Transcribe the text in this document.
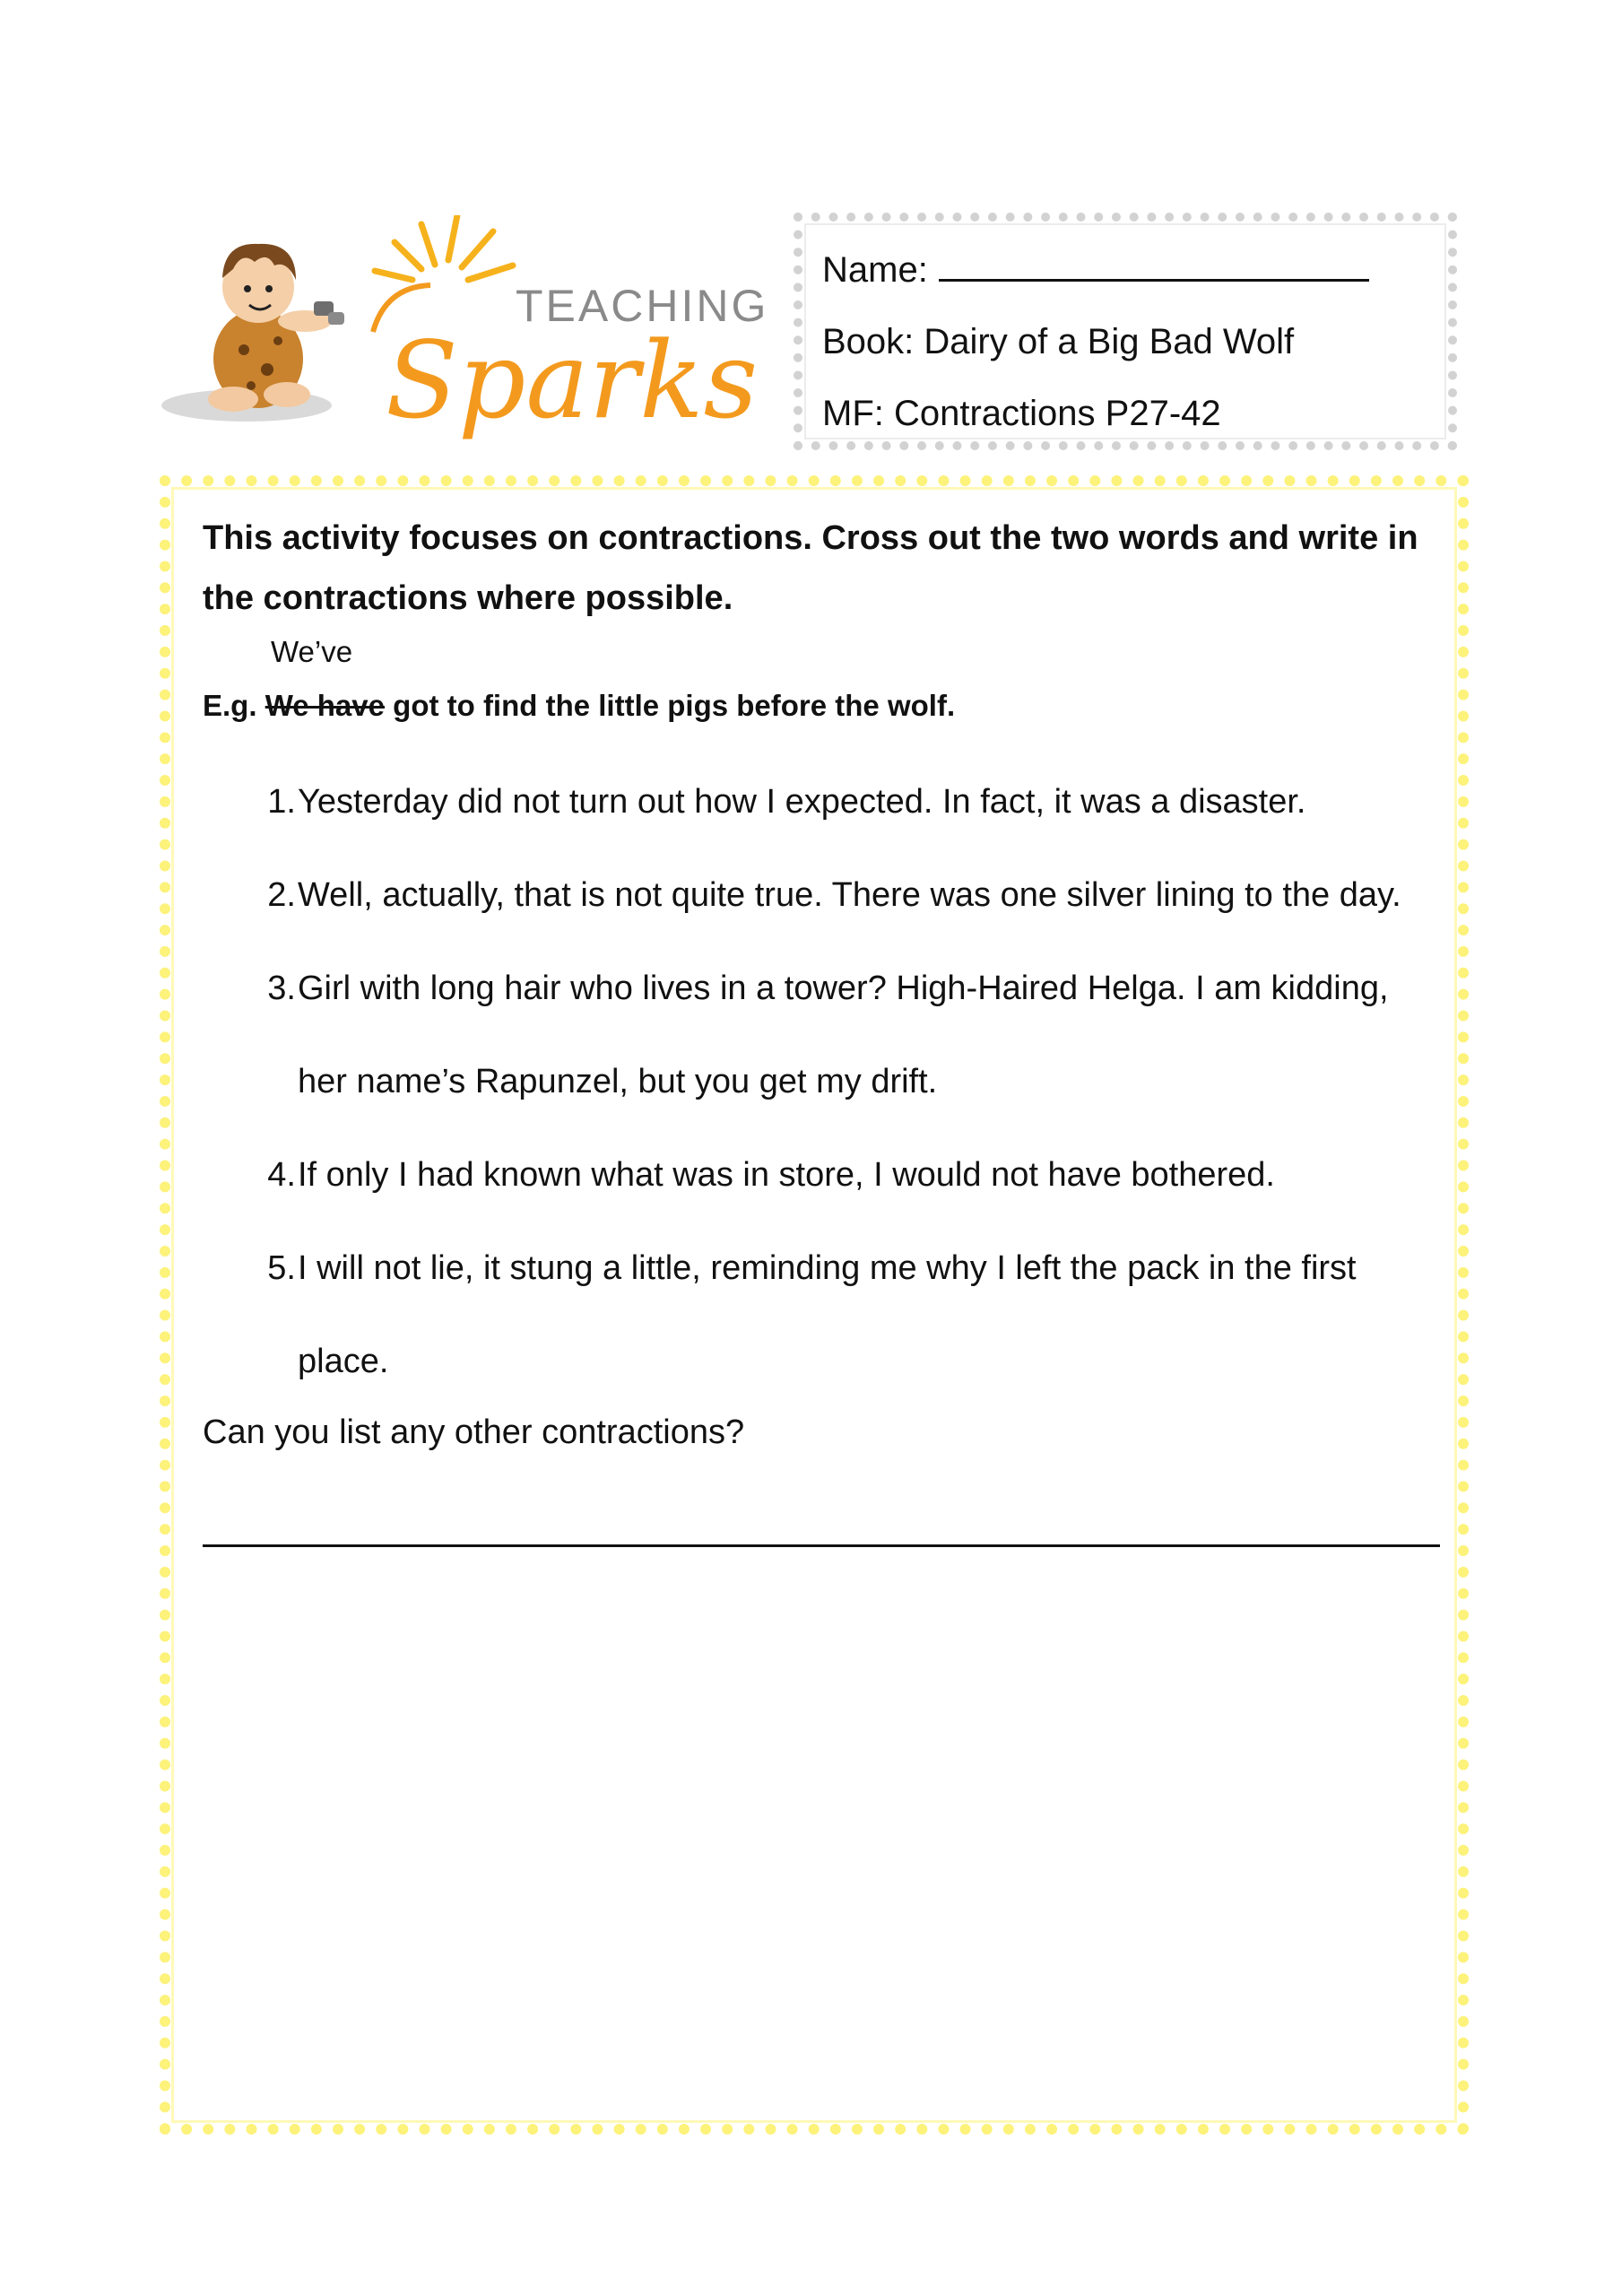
TEACHING
Sparks
Name:
Book: Dairy of a Big Bad Wolf
MF: Contractions P27-42
This activity focuses on contractions. Cross out the two words and write in the contractions where possible.
We’ve
E.g. We have got to find the little pigs before the wolf.
1. Yesterday did not turn out how I expected. In fact, it was a disaster.
2. Well, actually, that is not quite true. There was one silver lining to the day.
3. Girl with long hair who lives in a tower? High-Haired Helga. I am kidding, her name’s Rapunzel, but you get my drift.
4. If only I had known what was in store, I would not have bothered.
5. I will not lie, it stung a little, reminding me why I left the pack in the first place.
Can you list any other contractions?
